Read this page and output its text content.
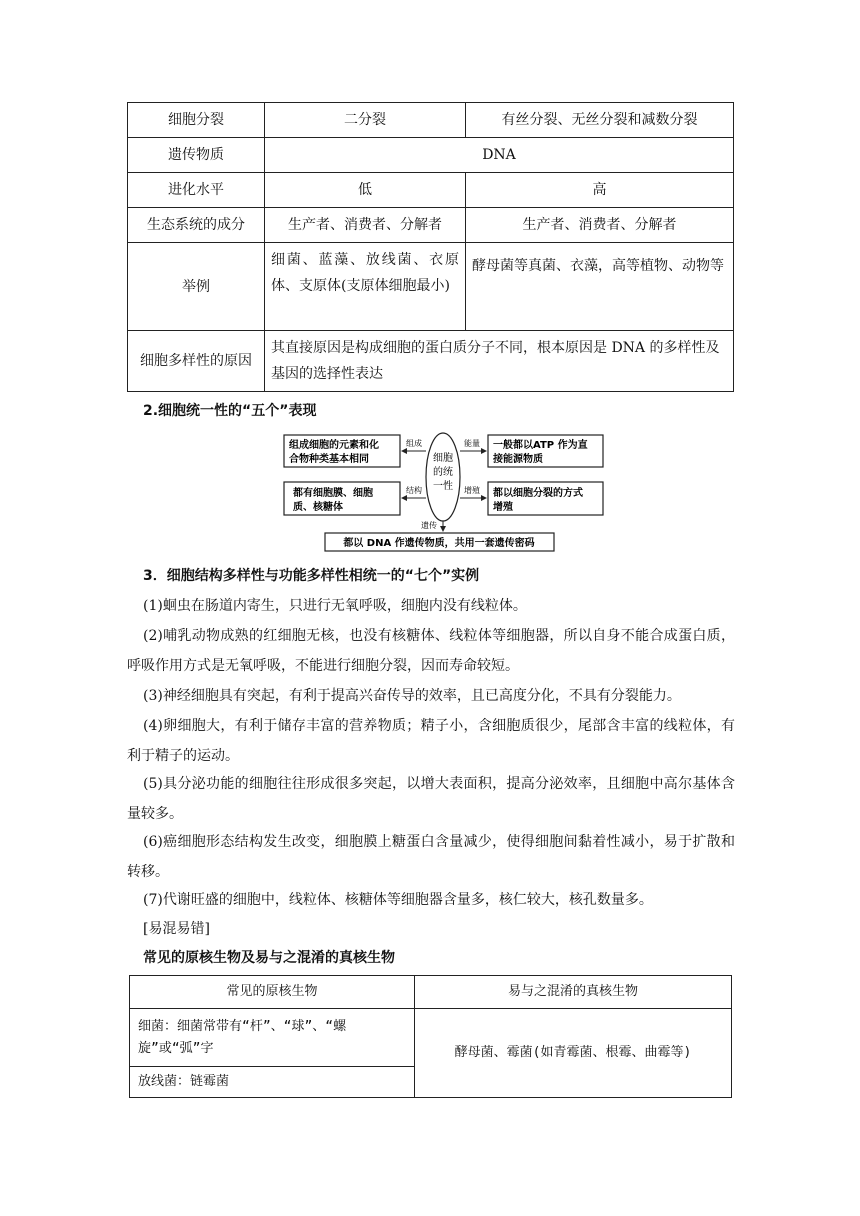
细胞分裂	二分裂	有丝分裂、无丝分裂和减数分裂
遗传物质	DNA	
进化水平	低	高
生态系统的成分	生产者、消费者、分解者	生产者、消费者、分解者
举例	细菌、蓝藻、放线菌、衣原体、支原体(支原体细胞最小)	酵母菌等真菌、衣藻，高等植物、动物等
细胞多样性的原因	其直接原因是构成细胞的蛋白质分子不同，根本原因是 DNA 的多样性及基因的选择性表达	
2.细胞统一性的“五个”表现
组成	能量
结构	增殖
遗传
细胞
的统
一性
组成细胞的元素和化
合物种类基本相同
一般都以ATP 作为直
接能源物质
都有细胞膜、细胞
质、核糖体
都以细胞分裂的方式
增殖
都以 DNA 作遗传物质，共用一套遗传密码
3．细胞结构多样性与功能多样性相统一的“七个”实例
(1)蛔虫在肠道内寄生，只进行无氧呼吸，细胞内没有线粒体。
(2)哺乳动物成熟的红细胞无核，也没有核糖体、线粒体等细胞器，所以自身不能合成蛋白质，呼吸作用方式是无氧呼吸，不能进行细胞分裂，因而寿命较短。
(3)神经细胞具有突起，有利于提高兴奋传导的效率，且已高度分化，不具有分裂能力。
(4)卵细胞大，有利于储存丰富的营养物质；精子小，含细胞质很少，尾部含丰富的线粒体，有利于精子的运动。
(5)具分泌功能的细胞往往形成很多突起，以增大表面积，提高分泌效率，且细胞中高尔基体含量较多。
(6)癌细胞形态结构发生改变，细胞膜上糖蛋白含量减少，使得细胞间黏着性减小，易于扩散和转移。
(7)代谢旺盛的细胞中，线粒体、核糖体等细胞器含量多，核仁较大，核孔数量多。
[易混易错]
常见的原核生物及易与之混淆的真核生物
常见的原核生物	易与之混淆的真核生物
细菌：细菌常带有“杆”、“球”、“螺旋”或“弧”字	酵母菌、霉菌(如青霉菌、根霉、曲霉等)
放线菌：链霉菌	
